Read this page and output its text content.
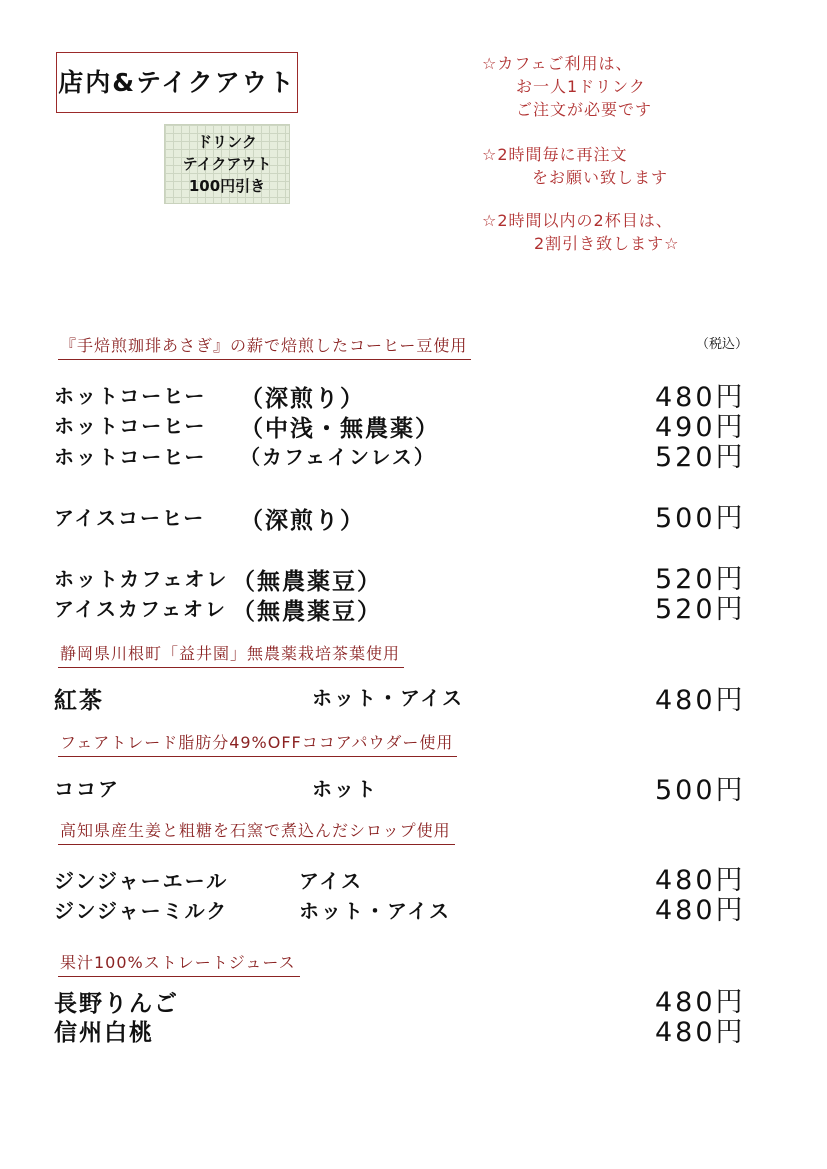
店内&テイクアウト
ドリンク
テイクアウト
100円引き
☆カフェご利用は、
お一人1ドリンク
ご注文が必要です
☆2時間毎に再注文
をお願い致します
☆2時間以内の2杯目は、
2割引き致します☆
『手焙煎珈琲あさぎ』の薪で焙煎したコーヒー豆使用	（税込）
ホットコーヒー （深煎り）	480円
ホットコーヒー （中浅・無農薬）	490円
ホットコーヒー （カフェインレス）	520円
アイスコーヒー （深煎り）	500円
ホットカフェオレ （無農薬豆）	520円
アイスカフェオレ （無農薬豆）	520円
静岡県川根町「益井園」無農薬栽培茶葉使用
紅茶	ホット・アイス	480円
フェアトレード脂肪分49%OFFココアパウダー使用
ココア	ホット	500円
高知県産生姜と粗糖を石窯で煮込んだシロップ使用
ジンジャーエール	アイス	480円
ジンジャーミルク	ホット・アイス	480円
果汁100%ストレートジュース
長野りんご	480円
信州白桃	480円
